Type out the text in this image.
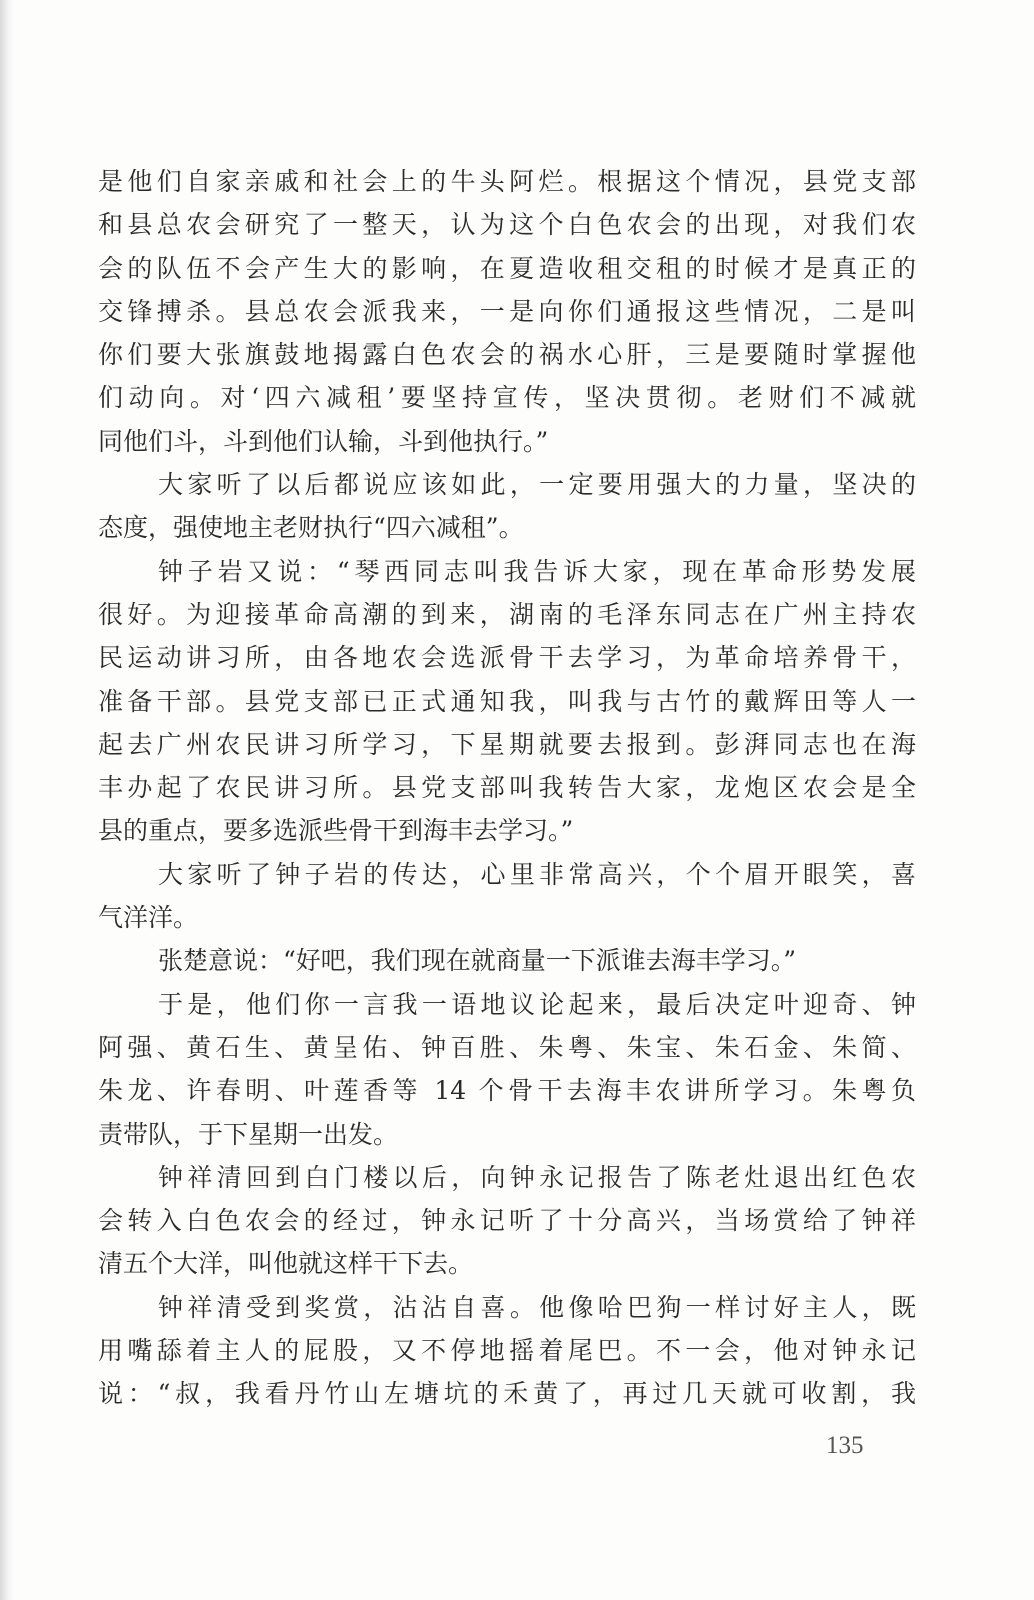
是他们自家亲戚和社会上的牛头阿烂。根据这个情况，县党支部
和县总农会研究了一整天，认为这个白色农会的出现，对我们农
会的队伍不会产生大的影响，在夏造收租交租的时候才是真正的
交锋搏杀。县总农会派我来，一是向你们通报这些情况，二是叫
你们要大张旗鼓地揭露白色农会的祸水心肝，三是要随时掌握他
们动向。对‘四六减租’要坚持宣传，坚决贯彻。老财们不减就
同他们斗，斗到他们认输，斗到他执行。”
大家听了以后都说应该如此，一定要用强大的力量，坚决的
态度，强使地主老财执行“四六减租”。
钟子岩又说：“琴西同志叫我告诉大家，现在革命形势发展
很好。为迎接革命高潮的到来，湖南的毛泽东同志在广州主持农
民运动讲习所，由各地农会选派骨干去学习，为革命培养骨干，
准备干部。县党支部已正式通知我，叫我与古竹的戴辉田等人一
起去广州农民讲习所学习，下星期就要去报到。彭湃同志也在海
丰办起了农民讲习所。县党支部叫我转告大家，龙炮区农会是全
县的重点，要多选派些骨干到海丰去学习。”
大家听了钟子岩的传达，心里非常高兴，个个眉开眼笑，喜
气洋洋。
张楚意说：“好吧，我们现在就商量一下派谁去海丰学习。”
于是，他们你一言我一语地议论起来，最后决定叶迎奇、钟
阿强、黄石生、黄呈佑、钟百胜、朱粤、朱宝、朱石金、朱简、
朱龙、许春明、叶莲香等 14 个骨干去海丰农讲所学习。朱粤负
责带队，于下星期一出发。
钟祥清回到白门楼以后，向钟永记报告了陈老灶退出红色农
会转入白色农会的经过，钟永记听了十分高兴，当场赏给了钟祥
清五个大洋，叫他就这样干下去。
钟祥清受到奖赏，沾沾自喜。他像哈巴狗一样讨好主人，既
用嘴舔着主人的屁股，又不停地摇着尾巴。不一会，他对钟永记
说：“叔，我看丹竹山左塘坑的禾黄了，再过几天就可收割，我
135
